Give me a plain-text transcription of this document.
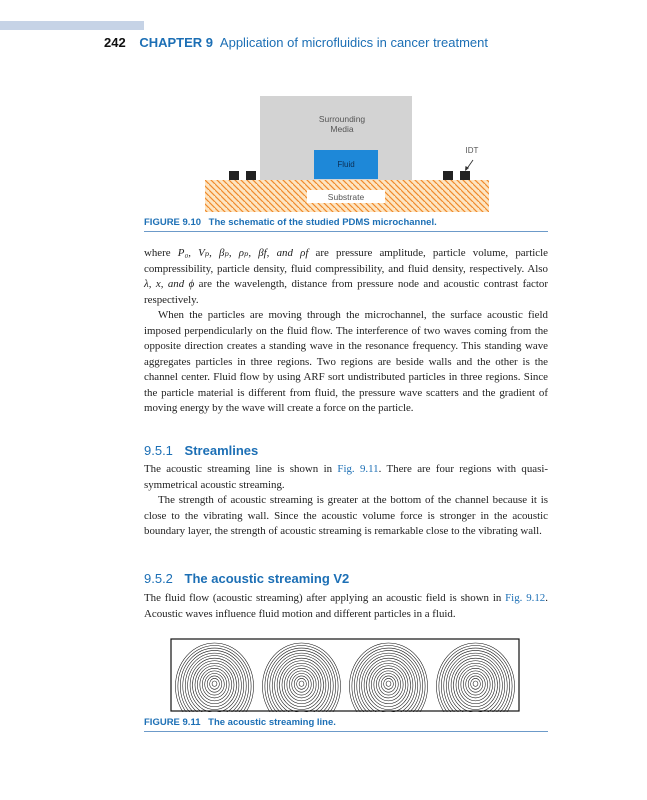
242 CHAPTER 9 Application of microfluidics in cancer treatment
Surrounding
Media
Fluid
Substrate
IDT
FIGURE 9.10 The schematic of the studied PDMS microchannel.

where P₀, Vₚ, βₚ, ρₚ, βf, and ρf are pressure amplitude, particle volume, particle compressibility, particle density, fluid compressibility, and fluid density, respectively. Also λ, x, and ϕ are the wavelength, distance from pressure node and acoustic contrast factor respectively.

When the particles are moving through the microchannel, the surface acoustic field imposed perpendicularly on the fluid flow. The interference of two waves coming from the opposite direction creates a standing wave in the resonance frequency. This standing wave aggregates particles in three regions. Two regions are beside walls and the other is the channel center. Fluid flow by using ARF sort undistributed particles in three regions. Since the particle material is different from fluid, the pressure wave scatters and the gradient of moving energy by the wave will create a force on the particle.

9.5.1 Streamlines

The acoustic streaming line is shown in Fig. 9.11. There are four regions with quasi-symmetrical acoustic streaming.

The strength of acoustic streaming is greater at the bottom of the channel because it is close to the vibrating wall. Since the acoustic volume force is stronger in the acoustic boundary layer, the strength of acoustic streaming is remarkable close to the vibrating wall.

9.5.2 The acoustic streaming V2

The fluid flow (acoustic streaming) after applying an acoustic field is shown in Fig. 9.12. Acoustic waves influence fluid motion and different particles in a fluid.

FIGURE 9.11 The acoustic streaming line.
